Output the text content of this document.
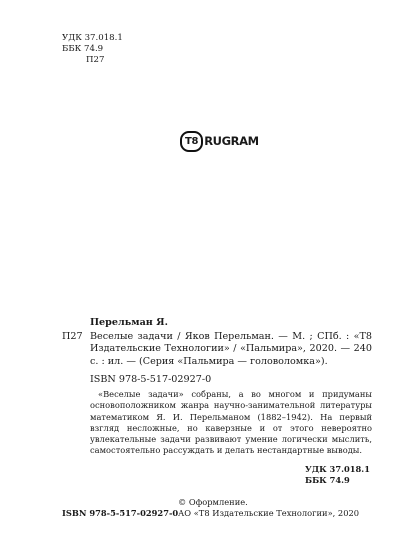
УДК 37.018.1
ББК 74.9
П27
T8 RUGRAM
Перельман Я.
П27 Веселые задачи / Яков Перельман. — М. ; СПб. : «Т8 Издательские Технологии» / «Пальмира», 2020. — 240 с. : ил. — (Серия «Пальмира — головоломка»).
ISBN 978-5-517-02927-0
«Веселые задачи» собраны, а во многом и придуманы основоположником жанра научно-занимательной литературы математиком Я. И. Перельманом (1882–1942). На первый взгляд несложные, но каверзные и от этого невероятно увлекательные задачи развивают умение логически мыслить, самостоятельно рассуждать и делать нестандартные выводы.
УДК 37.018.1
ББК 74.9
© Оформление.
ISBN 978-5-517-02927-0 АО «Т8 Издательские Технологии», 2020
